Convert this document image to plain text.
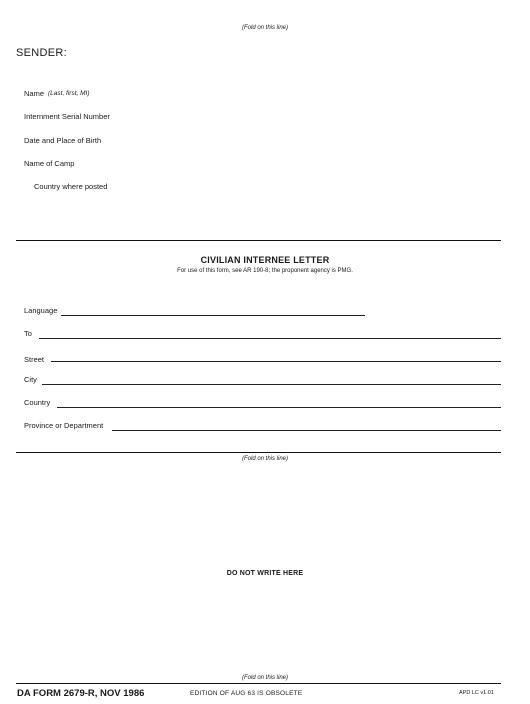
(Fold on this line)
SENDER:
Name (Last, first, MI)
Internment Serial Number
Date and Place of Birth
Name of Camp
Country where posted
CIVILIAN INTERNEE LETTER
For use of this form, see AR 190-8; the proponent agency is PMG.
Language
To
Street
City
Country
Province or Department
(Fold on this line)
DO NOT WRITE HERE
(Fold on this line)
DA FORM 2679-R, NOV 1986	EDITION OF AUG 63 IS OBSOLETE	APD LC v1.01
